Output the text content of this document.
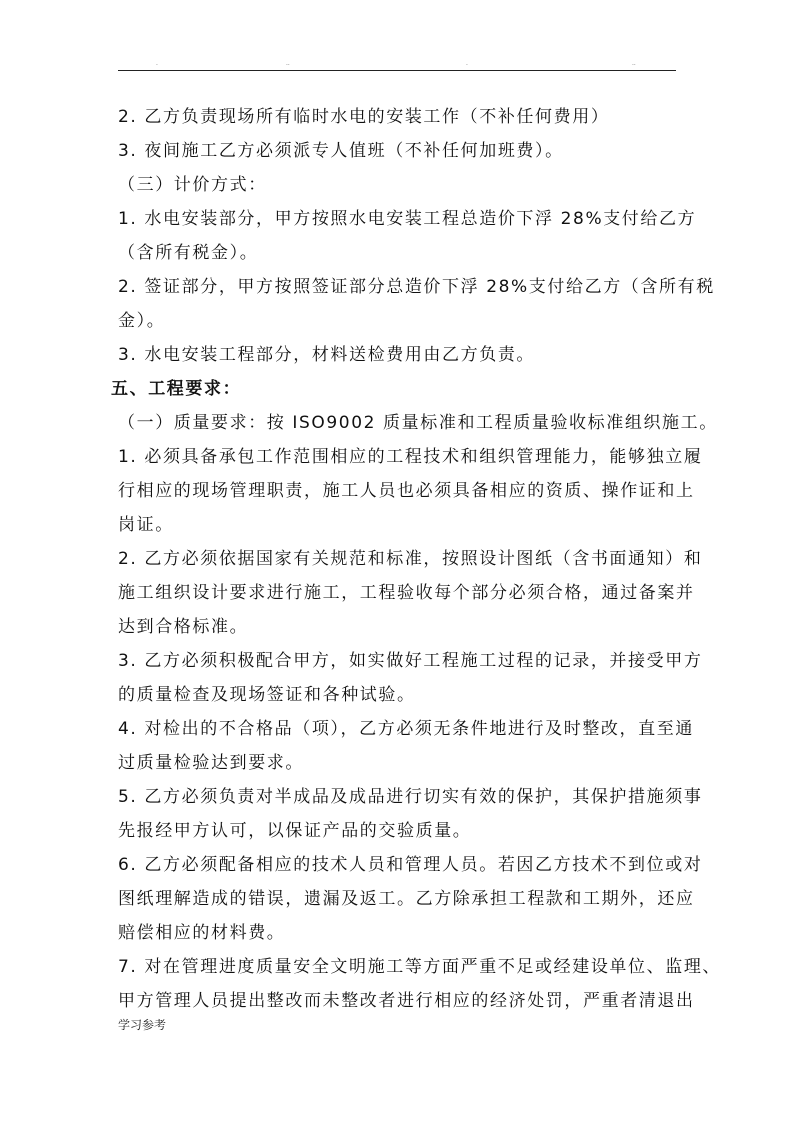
.	..	.	..
2. 乙方负责现场所有临时水电的安装工作（不补任何费用）
3. 夜间施工乙方必须派专人值班（不补任何加班费）。
（三）计价方式：
1. 水电安装部分，甲方按照水电安装工程总造价下浮 28%支付给乙方
（含所有税金）。
2. 签证部分，甲方按照签证部分总造价下浮 28%支付给乙方（含所有税
金）。
3. 水电安装工程部分，材料送检费用由乙方负责。
五、工程要求：
（一）质量要求：按 ISO9002 质量标准和工程质量验收标准组织施工。
1. 必须具备承包工作范围相应的工程技术和组织管理能力，能够独立履
行相应的现场管理职责，施工人员也必须具备相应的资质、操作证和上
岗证。
2. 乙方必须依据国家有关规范和标准，按照设计图纸（含书面通知）和
施工组织设计要求进行施工，工程验收每个部分必须合格，通过备案并
达到合格标准。
3. 乙方必须积极配合甲方，如实做好工程施工过程的记录，并接受甲方
的质量检查及现场签证和各种试验。
4. 对检出的不合格品（项），乙方必须无条件地进行及时整改，直至通
过质量检验达到要求。
5. 乙方必须负责对半成品及成品进行切实有效的保护，其保护措施须事
先报经甲方认可，以保证产品的交验质量。
6. 乙方必须配备相应的技术人员和管理人员。若因乙方技术不到位或对
图纸理解造成的错误，遗漏及返工。乙方除承担工程款和工期外，还应
赔偿相应的材料费。
7. 对在管理进度质量安全文明施工等方面严重不足或经建设单位、监理、
甲方管理人员提出整改而未整改者进行相应的经济处罚，严重者清退出
学习参考
